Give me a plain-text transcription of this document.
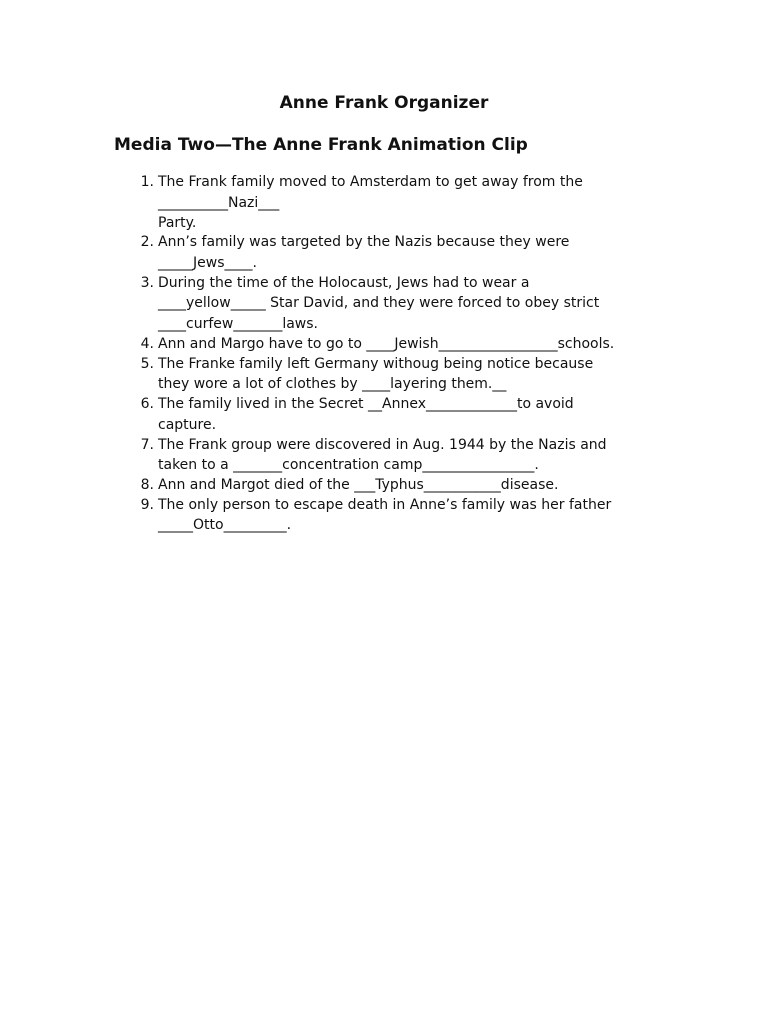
Anne Frank Organizer
Media Two—The Anne Frank Animation Clip
1. The Frank family moved to Amsterdam to get away from the
__________Nazi___
Party.
2. Ann’s family was targeted by the Nazis because they were
_____Jews____.
3. During the time of the Holocaust, Jews had to wear a
____yellow_____ Star David, and they were forced to obey strict
____curfew_______laws.
4. Ann and Margo have to go to ____Jewish_________________schools.
5. The Franke family left Germany withoug being notice because
they wore a lot of clothes by ____layering them.__
6. The family lived in the Secret __Annex_____________to avoid
capture.
7. The Frank group were discovered in Aug. 1944 by the Nazis and
taken to a _______concentration camp________________.
8. Ann and Margot died of the ___Typhus___________disease.
9. The only person to escape death in Anne’s family was her father
_____Otto_________.
